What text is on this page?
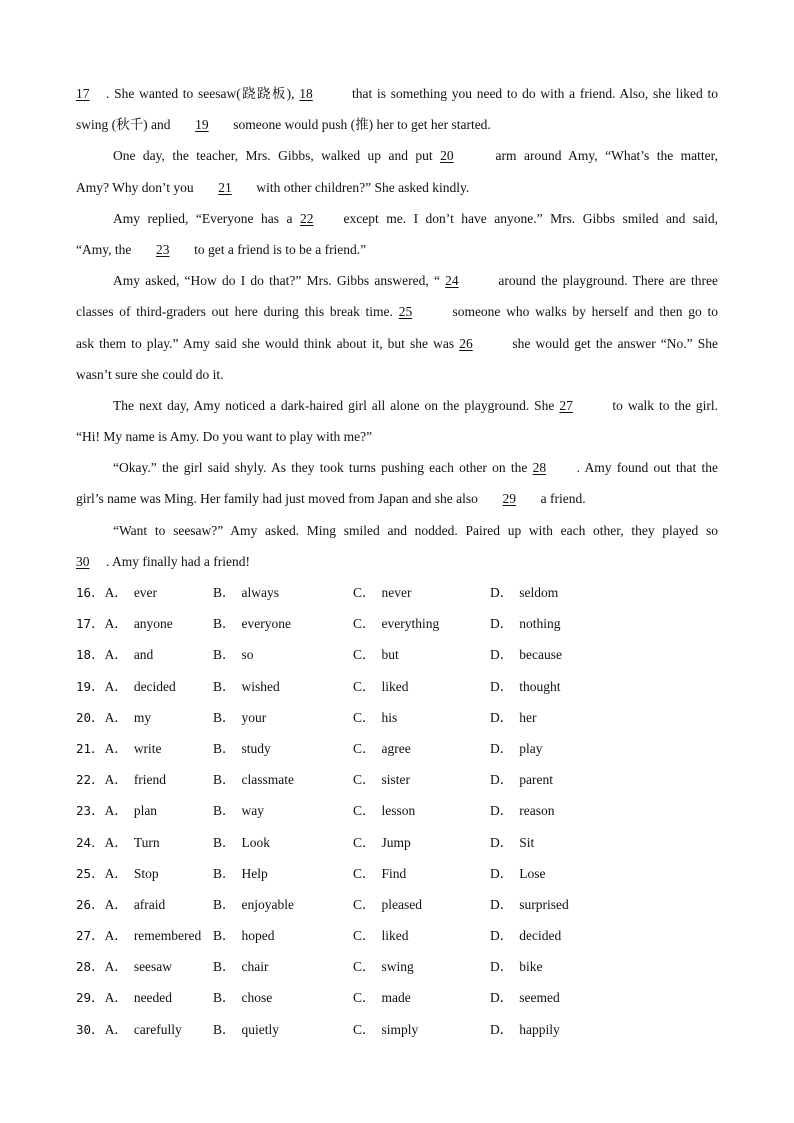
17 . She wanted to seesaw(跷跷板), 18	that is something you need to do with a friend. Also, she liked to
swing (秋千) and 19 someone would push (推) her to get her started.
One day, the teacher, Mrs. Gibbs, walked up and put 20	arm around Amy, “What’s the matter,
Amy? Why don’t you 21 with other children?” She asked kindly.
Amy replied, “Everyone has a 22 except me. I don’t have anyone.” Mrs. Gibbs smiled and said,
“Amy, the 23 to get a friend is to be a friend.”
Amy asked, “How do I do that?” Mrs. Gibbs answered, “ 24	around the playground. There are three
classes of third-graders out here during this break time. 25	someone who walks by herself and then go to
ask them to play.” Amy said she would think about it, but she was 26	she would get the answer “No.” She
wasn’t sure she could do it.
The next day, Amy noticed a dark-haired girl all alone on the playground. She 27	to walk to the girl.
“Hi! My name is Amy. Do you want to play with me?”
“Okay.” the girl said shyly. As they took turns pushing each other on the 28 . Amy found out that the
girl’s name was Ming. Her family had just moved from Japan and she also 29 a friend.
“Want to seesaw?” Amy asked. Ming smiled and nodded. Paired up with each other, they played so
30 . Amy finally had a friend!
16．A． ever	B． always	C． never	D． seldom
17．A． anyone	B． everyone	C． everything	D． nothing
18．A． and	B． so	C． but	D． because
19．A． decided	B． wished	C． liked	D． thought
20．A． my	B． your	C． his	D． her
21．A． write	B． study	C． agree	D． play
22．A． friend	B． classmate	C． sister	D． parent
23．A． plan	B． way	C． lesson	D． reason
24．A． Turn	B． Look	C． Jump	D． Sit
25．A． Stop	B． Help	C． Find	D． Lose
26．A． afraid	B． enjoyable	C． pleased	D． surprised
27．A． remembered B． hoped	C． liked	D． decided
28．A． seesaw	B． chair	C． swing	D． bike
29．A． needed	B． chose	C． made	D． seemed
30．A． carefully B． quietly	C． simply	D． happily
